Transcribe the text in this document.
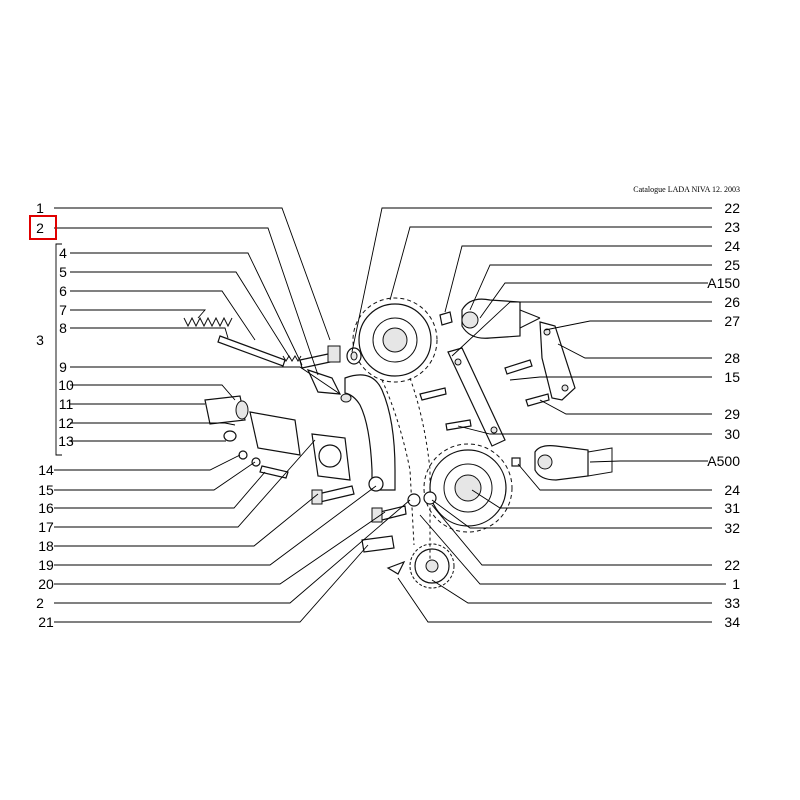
Catalogue LADA NIVA 12. 2003
1
2
4
5
6
7
8
3
9
10
11
12
13
14
15
16
17
18
19
20
2
21
22
23
24
25
A150
26
27
28
15
29
30
A500
24
31
32
22
1
33
34
